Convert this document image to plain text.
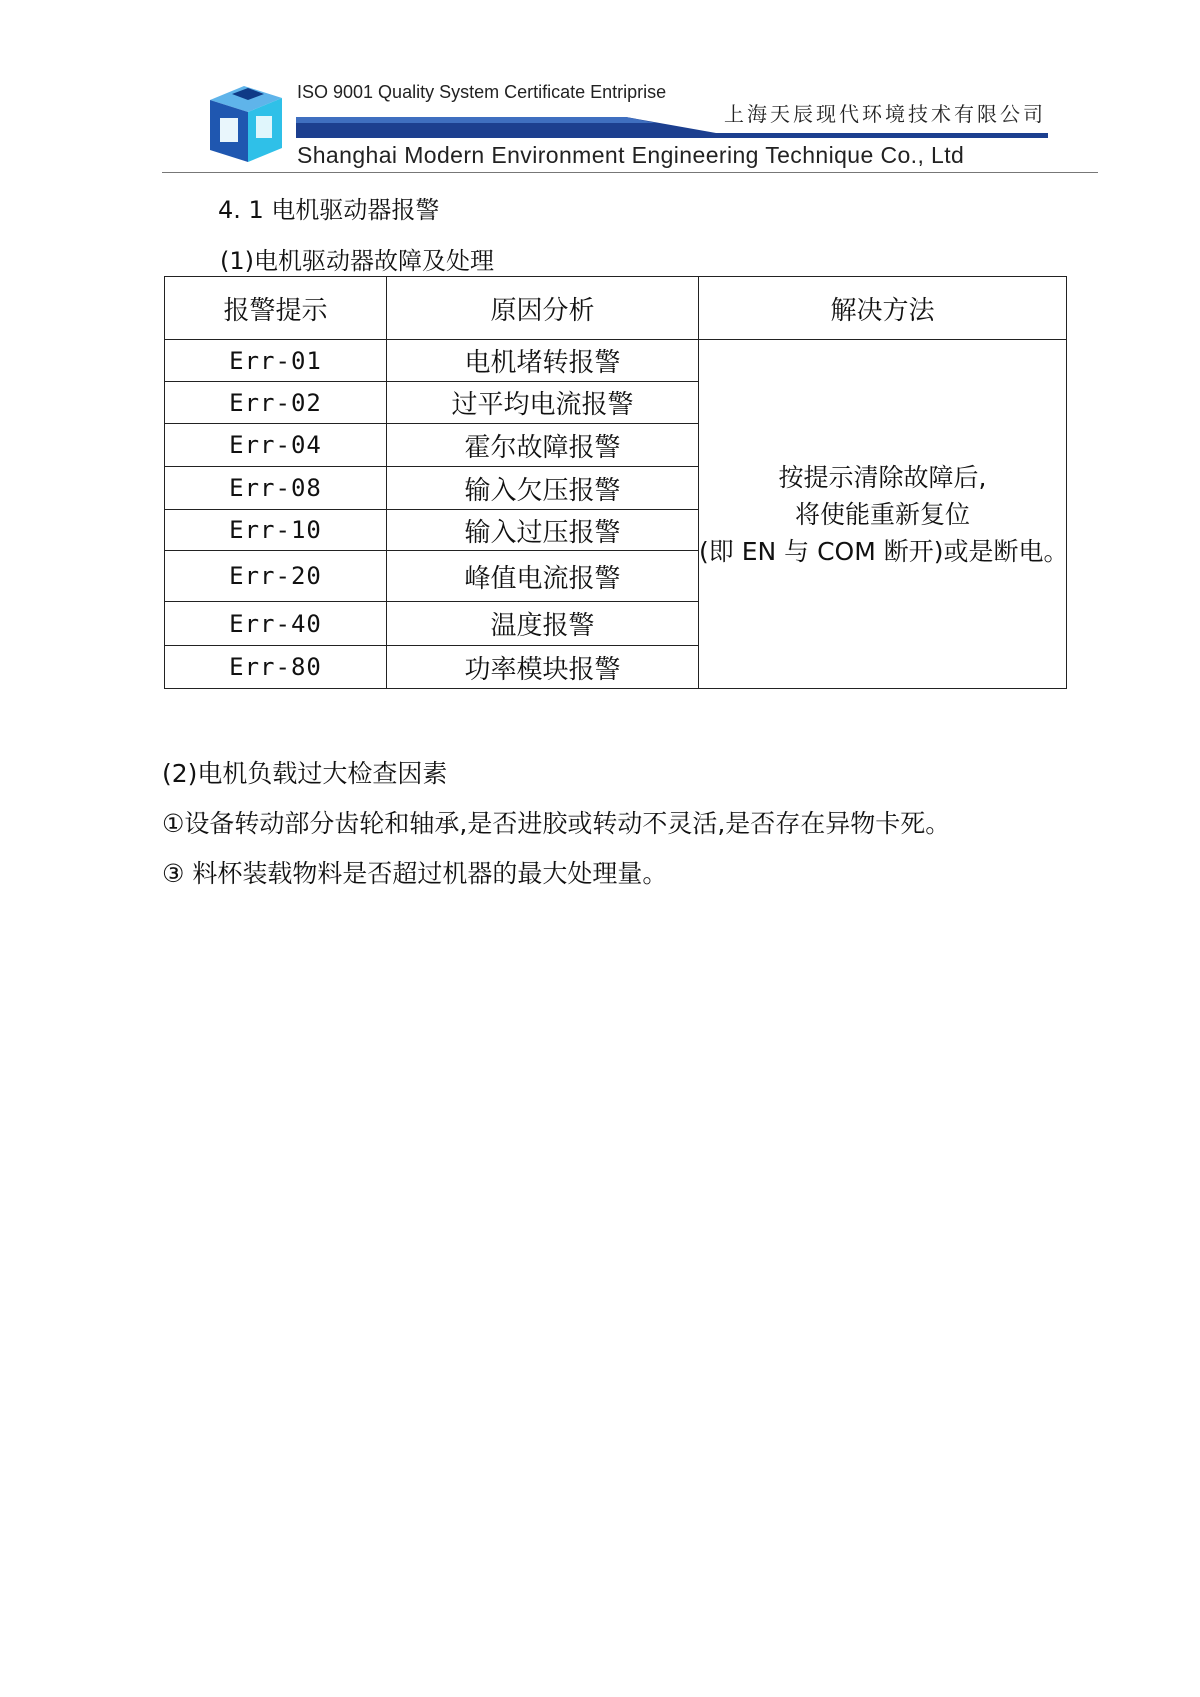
ISO 9001 Quality System Certificate Entriprise
上海天辰现代环境技术有限公司
Shanghai Modern Environment Engineering Technique Co., Ltd
4. 1 电机驱动器报警
(1)电机驱动器故障及处理
报警提示	原因分析	解决方法
Err-01	电机堵转报警	按提示清除故障后,
将使能重新复位
(即 EN 与 COM 断开)或是断电。

Err-02	过平均电流报警	
Err-04	霍尔故障报警	
Err-08	输入欠压报警	
Err-10	输入过压报警	
Err-20	峰值电流报警	
Err-40	温度报警	
Err-80	功率模块报警	
(2)电机负载过大检查因素
①设备转动部分齿轮和轴承,是否进胶或转动不灵活,是否存在异物卡死。
③ 料杯装载物料是否超过机器的最大处理量。
